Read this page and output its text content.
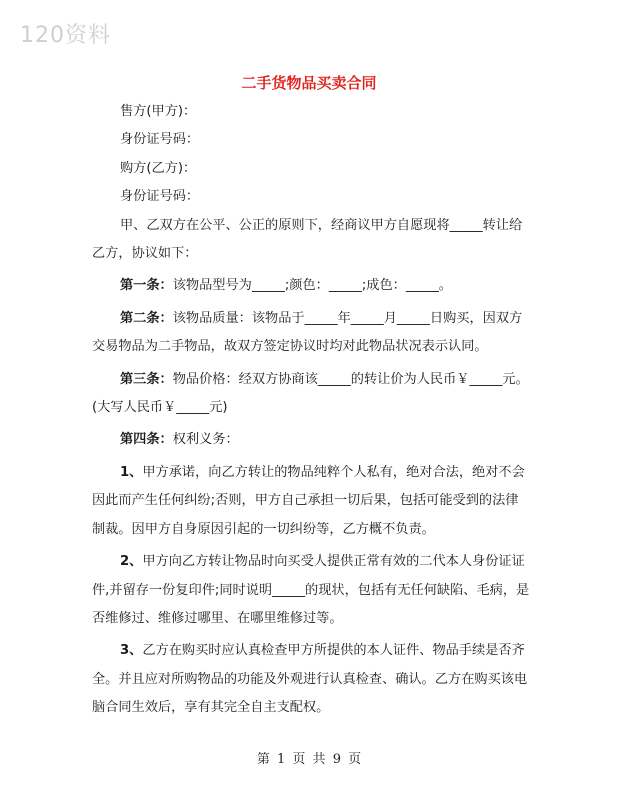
120资料
二手货物品买卖合同

售方(甲方)：

身份证号码：

购方(乙方)：

身份证号码：

甲、乙双方在公平、公正的原则下，经商议甲方自愿现将_____转让给乙方，协议如下：

第一条：该物品型号为_____;颜色：_____;成色：_____。

第二条：该物品质量：该物品于_____年_____月_____日购买，因双方交易物品为二手物品，故双方签定协议时均对此物品状况表示认同。

第三条：物品价格：经双方协商该_____的转让价为人民币￥_____元。(大写人民币￥_____元)

第四条：权利义务：

1、甲方承诺，向乙方转让的物品纯粹个人私有，绝对合法，绝对不会因此而产生任何纠纷;否则，甲方自己承担一切后果，包括可能受到的法律制裁。因甲方自身原因引起的一切纠纷等，乙方概不负责。

2、甲方向乙方转让物品时向买受人提供正常有效的二代本人身份证证件,并留存一份复印件;同时说明_____的现状，包括有无任何缺陷、毛病，是否维修过、维修过哪里、在哪里维修过等。

3、乙方在购买时应认真检查甲方所提供的本人证件、物品手续是否齐全。并且应对所购物品的功能及外观进行认真检查、确认。乙方在购买该电脑合同生效后，享有其完全自主支配权。

第 1 页 共 9 页
